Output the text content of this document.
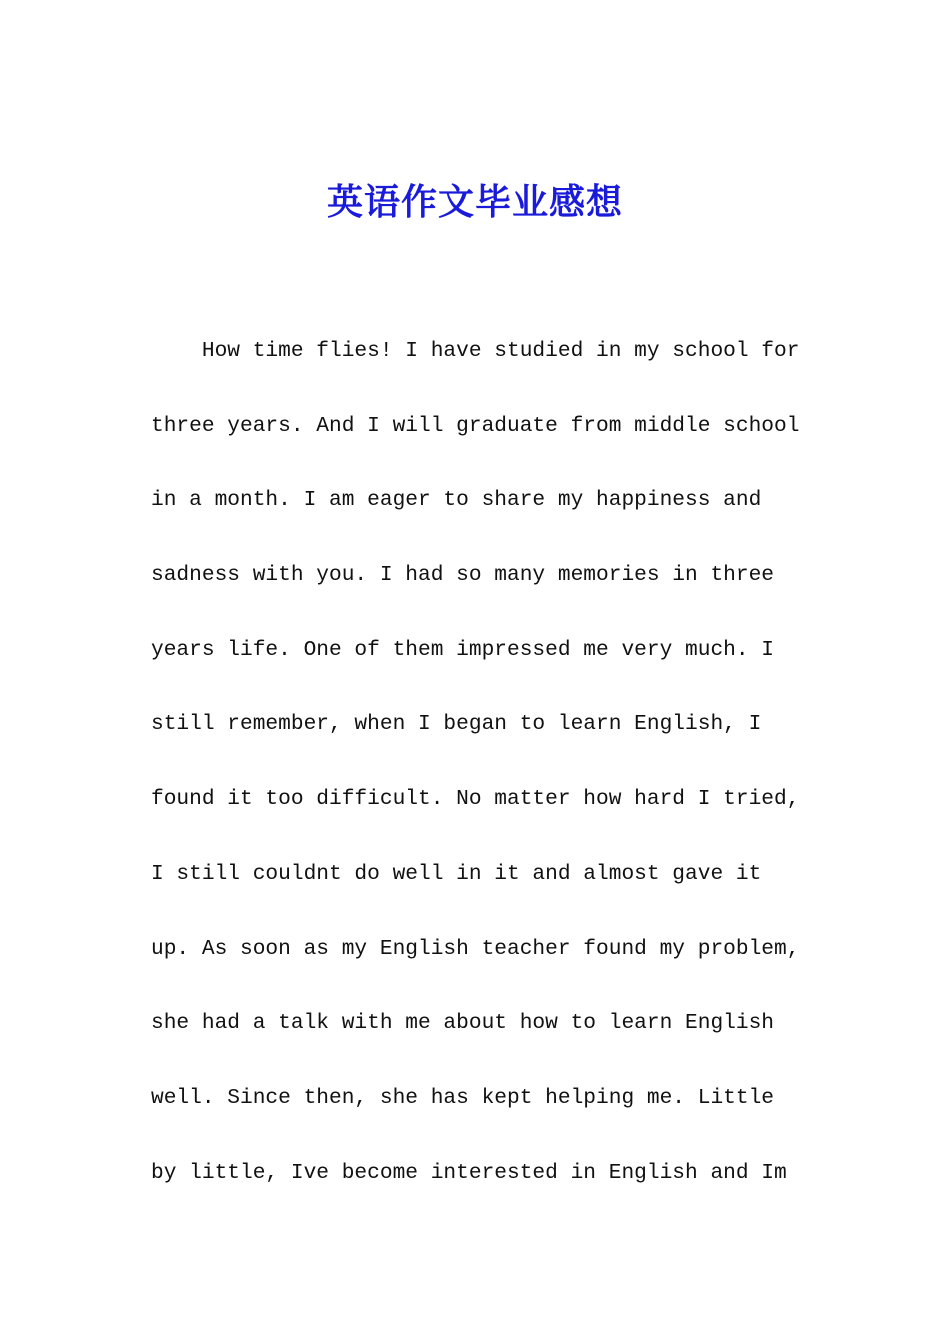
英语作文毕业感想
How time flies! I have studied in my school for
three years. And I will graduate from middle school
in a month. I am eager to share my happiness and
sadness with you. I had so many memories in three
years life. One of them impressed me very much. I
still remember, when I began to learn English, I
found it too difficult. No matter how hard I tried,
I still couldnt do well in it and almost gave it
up. As soon as my English teacher found my problem,
she had a talk with me about how to learn English
well. Since then, she has kept helping me. Little
by little, Ive become interested in English and Im
